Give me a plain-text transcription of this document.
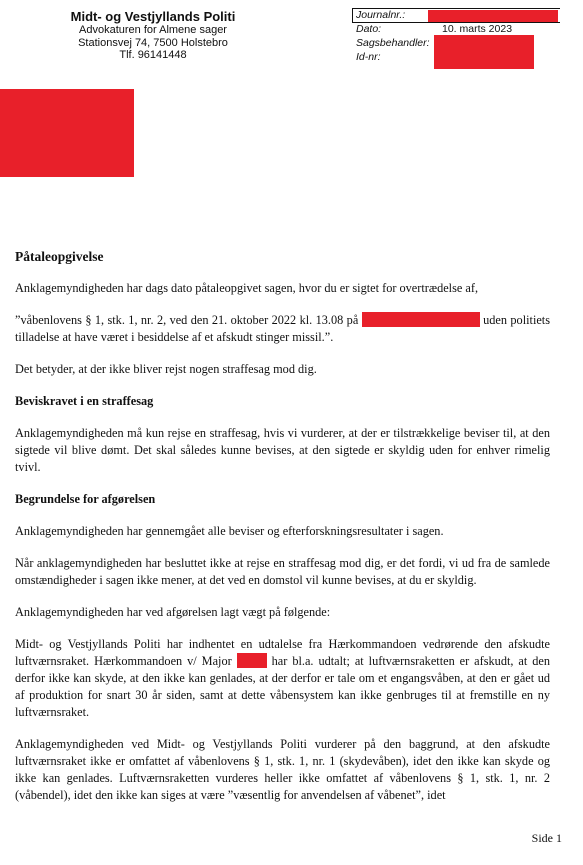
Midt- og Vestjyllands Politi
Advokaturen for Almene sager
Stationsvej 74, 7500 Holstebro
Tlf. 96141448
Journalnr.:
Dato:	10. marts 2023
Sagsbehandler:
Id-nr:

Påtaleopgivelse

Anklagemyndigheden har dags dato påtaleopgivet sagen, hvor du er sigtet for overtrædelse af,

”våbenlovens § 1, stk. 1, nr. 2, ved den 21. oktober 2022 kl. 13.08 på	uden politiets tilladelse at have været i besiddelse af et afskudt stinger missil.”.

Det betyder, at der ikke bliver rejst nogen straffesag mod dig.

Beviskravet i en straffesag

Anklagemyndigheden må kun rejse en straffesag, hvis vi vurderer, at der er tilstrækkelige beviser til, at den sigtede vil blive dømt. Det skal således kunne bevises, at den sigtede er skyldig uden for enhver rimelig tvivl.

Begrundelse for afgørelsen

Anklagemyndigheden har gennemgået alle beviser og efterforskningsresultater i sagen.

Når anklagemyndigheden har besluttet ikke at rejse en straffesag mod dig, er det fordi, vi ud fra de samlede omstændigheder i sagen ikke mener, at det ved en domstol vil kunne bevises, at du er skyldig.

Anklagemyndigheden har ved afgørelsen lagt vægt på følgende:

Midt- og Vestjyllands Politi har indhentet en udtalelse fra Hærkommandoen vedrørende den afskudte luftværnsraket. Hærkommandoen v/ Major	har bl.a. udtalt; at luftværnsraketten er afskudt, at den derfor ikke kan skyde, at den ikke kan genlades, at der derfor er tale om et engangsvåben, at den er gået ud af produktion for snart 30 år siden, samt at dette våbensystem kan ikke genbruges til at fremstille en ny luftværnsraket.

Anklagemyndigheden ved Midt- og Vestjyllands Politi vurderer på den baggrund, at den afskudte luftværnsraket ikke er omfattet af våbenlovens § 1, stk. 1, nr. 1 (skydevåben), idet den ikke kan skyde og ikke kan genlades. Luftværnsraketten vurderes heller ikke omfattet af våbenlovens § 1, stk. 1, nr. 2 (våbendel), idet den ikke kan siges at være ”væsentlig for anvendelsen af våbenet”, idet

Side 1
